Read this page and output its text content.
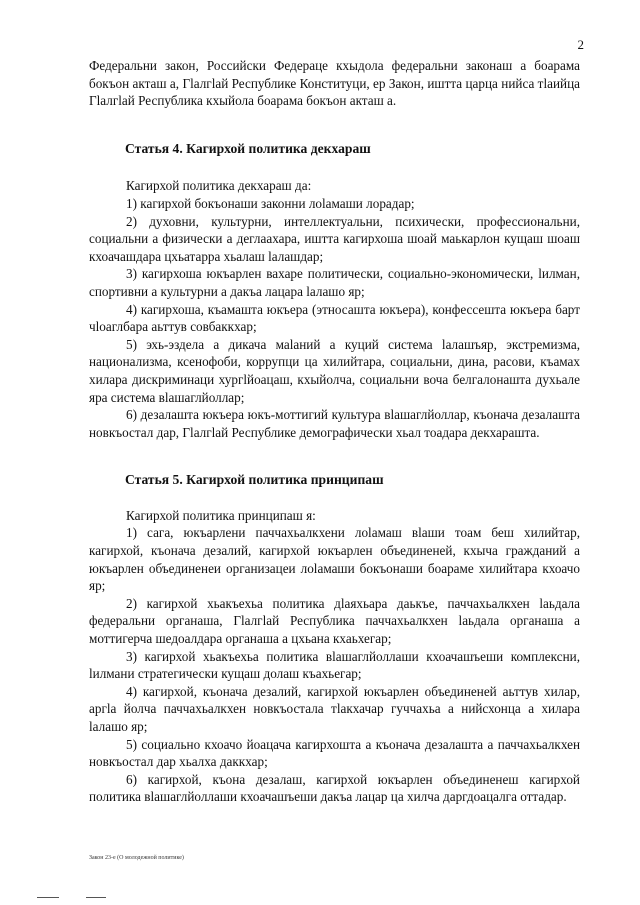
2

Федеральни закон, Российски Федераце кхыдола федеральни законаш а боарама бокъон акташ а, Гlалгlай Республике Конституци, ер Закон, иштта царца нийса тlаийца Гlалгlай Республика кхыйола боарама бокъон акташ а.

Статья 4. Кагирхой политика декхараш

Кагирхой политика декхараш да:

1) кагирхой бокъонаши законни лоlамаши лорадар;

2) духовни, культурни, интеллектуальни, психически, профессиональни, социальни а физически а деглаахара, иштта кагирхоша шоай маькарлон кущаш шоаш кхоачашдара цхьатарра хьалаш lалашдар;

3) кагирхоша юкъарлен вахаре политически, социально-экономически, lилман, спортивни а культурни а дакъа лацара lалашо яр;

4) кагирхоша, къамашта юкъера (этносашта юкъера), конфессешта юкъера барт чlоаглбара аьттув совбаккхар;

5) эхь-эздела а дикача маlаний а куций система lалашъяр, экстремизма, национализма, ксенофоби, коррупци ца хилийтара, социальни, дина, расови, къамах хилара дискриминаци хургlйоацаш, кхыйолча, социальни воча белгалонашта духьале яра система вlашаглйоллар;

6) дезалашта юкъера юкъ-моттигий культура вlашаглйоллар, къонача дезалашта новкъостал дар, Гlалгlай Республике демографически хьал тоадара декхарашта.

Статья 5. Кагирхой политика принципаш

Кагирхой политика принципаш я:

1) сага, юкъарлени паччахьалкхени лоlамаш вlаши тоам беш хилийтар, кагирхой, къонача дезалий, кагирхой юкъарлен объединеней, кхыча гражданий а юкъарлен объединенеи организацеи лоlамаши бокъонаши боараме хилийтара кхоачо яр;

2) кагирхой хьакъехьа политика дlаяхьара даькъе, паччахьалкхен lаьдала федеральни органаша, Гlалгlай Республика паччахьалкхен lаьдала органаша а моттигерча шедоалдара органаша а цхьана кхаьхегар;

3) кагирхой хьакъехьа политика вlашаглйоллаши кхоачашъеши комплексни, lилмани стратегически кущаш долаш къахьегар;

4) кагирхой, къонача дезалий, кагирхой юкъарлен объединеней аьттув хилар, аргlа йолча паччахьалкхен новкъостала тlакхачар гуччахьа а нийсхонца а хилара lалашо яр;

5) социально кхоачо йоацача кагирхошта а къонача дезалашта а паччахьалкхен новкъостал дар хьалха даккхар;

6) кагирхой, къона дезалаш, кагирхой юкъарлен объединенеш кагирхой политика вlашаглйоллаши кхоачашъеши дакъа лацар ца хилча даргдоацалга оттадар.

Закон 23-е (О молодежной политике)
